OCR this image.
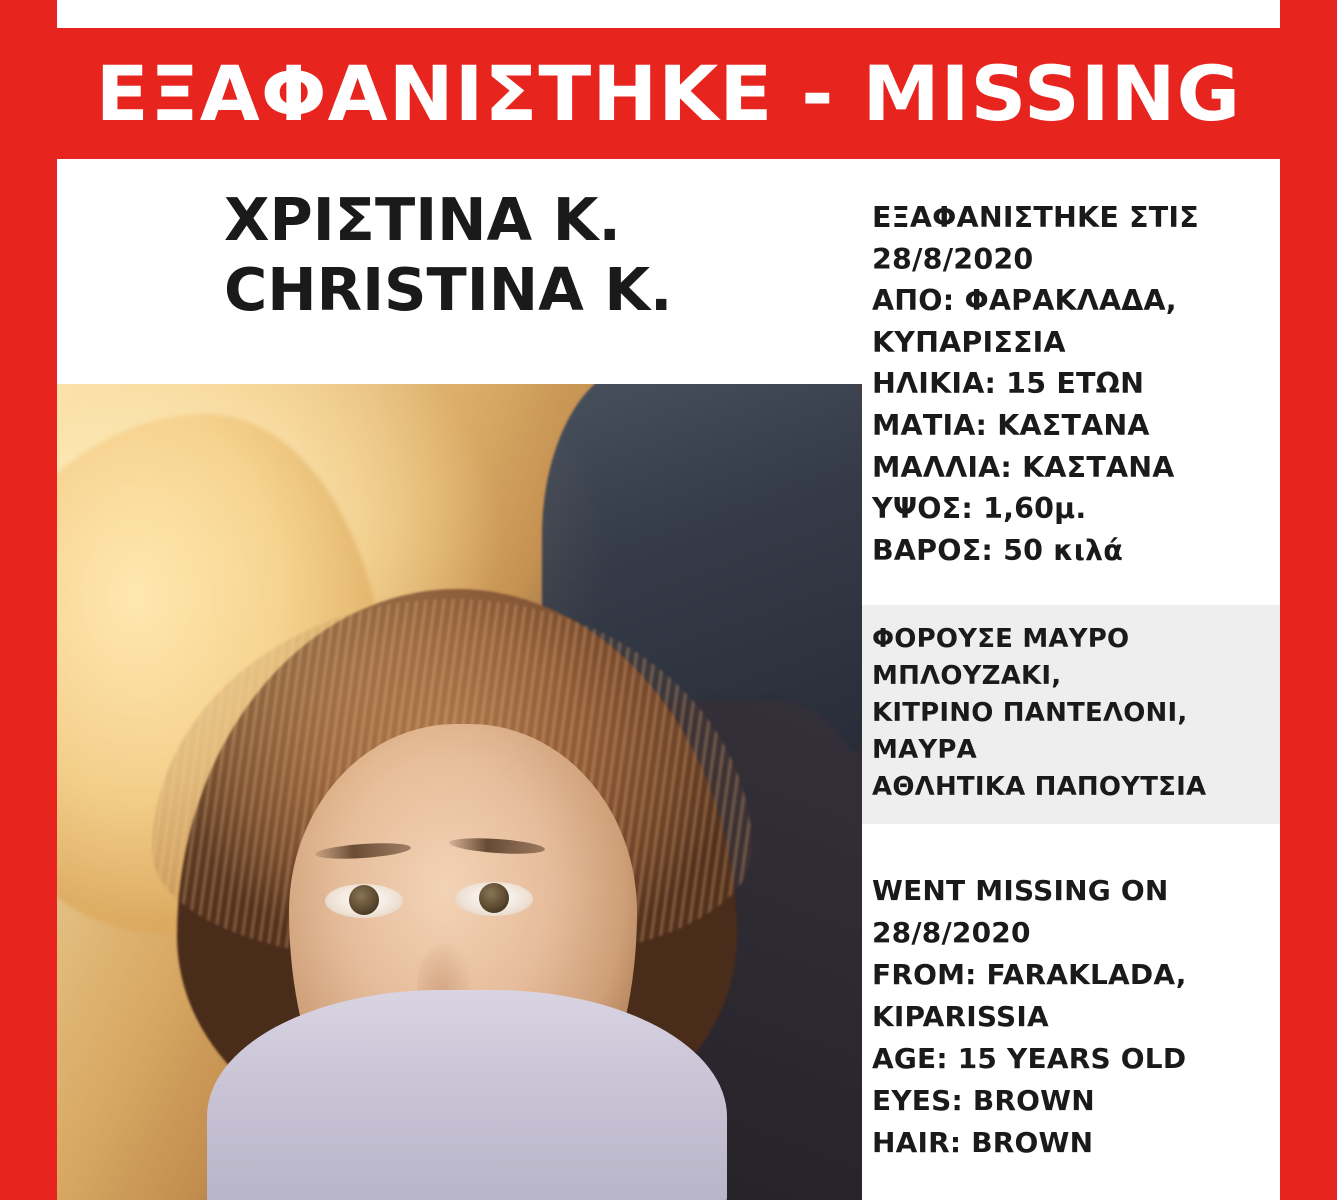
ΕΞΑΦΑΝΙΣΤΗΚΕ - MISSING
ΧΡΙΣΤΙΝΑ Κ.
CHRISTINA K.
ΕΞΑΦΑΝΙΣΤΗΚΕ ΣΤΙΣ
28/8/2020
ΑΠΟ: ΦΑΡΑΚΛΑΔΑ,
ΚΥΠΑΡΙΣΣΙΑ
ΗΛΙΚΙΑ: 15 ΕΤΩΝ
ΜΑΤΙΑ: ΚΑΣΤΑΝΑ
ΜΑΛΛΙΑ: ΚΑΣΤΑΝΑ
ΥΨΟΣ: 1,60μ.
ΒΑΡΟΣ: 50 κιλά
ΦΟΡΟΥΣΕ ΜΑΥΡΟ ΜΠΛΟΥΖΑΚΙ,
ΚΙΤΡΙΝΟ ΠΑΝΤΕΛΟΝΙ, ΜΑΥΡΑ
ΑΘΛΗΤΙΚΑ ΠΑΠΟΥΤΣΙΑ
WENT MISSING ON
28/8/2020
FROM: FARAKLADA,
KIPARISSIA
AGE: 15 YEARS OLD
EYES: BROWN
HAIR: BROWN
